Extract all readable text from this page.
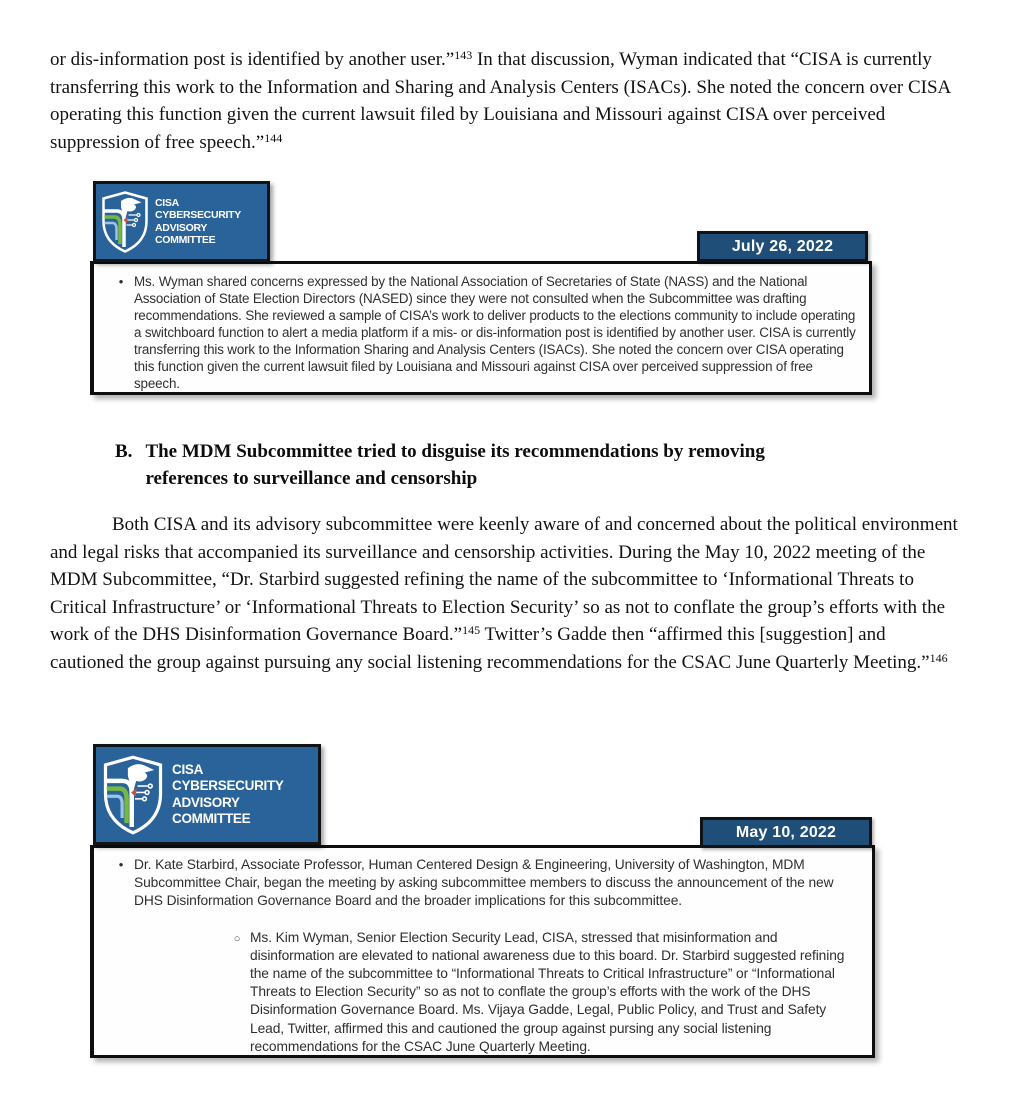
or dis-information post is identified by another user.”$^{143}$ In that discussion, Wyman indicated that “CISA is currently transferring this work to the Information and Sharing and Analysis Centers (ISACs). She noted the concern over CISA operating this function given the current lawsuit filed by Louisiana and Missouri against CISA over perceived suppression of free speech.”$^{144}$

CISA
CYBERSECURITY
ADVISORY
COMMITTEE	July 26, 2022
• Ms. Wyman shared concerns expressed by the National Association of Secretaries of State (NASS) and the National Association of State Election Directors (NASED) since they were not consulted when the Subcommittee was drafting recommendations. She reviewed a sample of CISA’s work to deliver products to the elections community to include operating a switchboard function to alert a media platform if a mis- or dis-information post is identified by another user. CISA is currently transferring this work to the Information Sharing and Analysis Centers (ISACs). She noted the concern over CISA operating this function given the current lawsuit filed by Louisiana and Missouri against CISA over perceived suppression of free speech.
B. The MDM Subcommittee tried to disguise its recommendations by removing references to surveillance and censorship

Both CISA and its advisory subcommittee were keenly aware of and concerned about the political environment and legal risks that accompanied its surveillance and censorship activities. During the May 10, 2022 meeting of the MDM Subcommittee, “Dr. Starbird suggested refining the name of the subcommittee to ‘Informational Threats to Critical Infrastructure’ or ‘Informational Threats to Election Security’ so as not to conflate the group’s efforts with the work of the DHS Disinformation Governance Board.”$^{145}$ Twitter’s Gadde then “affirmed this [suggestion] and cautioned the group against pursuing any social listening recommendations for the CSAC June Quarterly Meeting.”$^{146}$

CISA
CYBERSECURITY
ADVISORY
COMMITTEE
May 10, 2022
• Dr. Kate Starbird, Associate Professor, Human Centered Design & Engineering, University of Washington, MDM Subcommittee Chair, began the meeting by asking subcommittee members to discuss the announcement of the new DHS Disinformation Governance Board and the broader implications for this subcommittee.
○ Ms. Kim Wyman, Senior Election Security Lead, CISA, stressed that misinformation and disinformation are elevated to national awareness due to this board. Dr. Starbird suggested refining the name of the subcommittee to “Informational Threats to Critical Infrastructure” or “Informational Threats to Election Security” so as not to conflate the group’s efforts with the work of the DHS Disinformation Governance Board. Ms. Vijaya Gadde, Legal, Public Policy, and Trust and Safety Lead, Twitter, affirmed this and cautioned the group against pursing any social listening recommendations for the CSAC June Quarterly Meeting.
